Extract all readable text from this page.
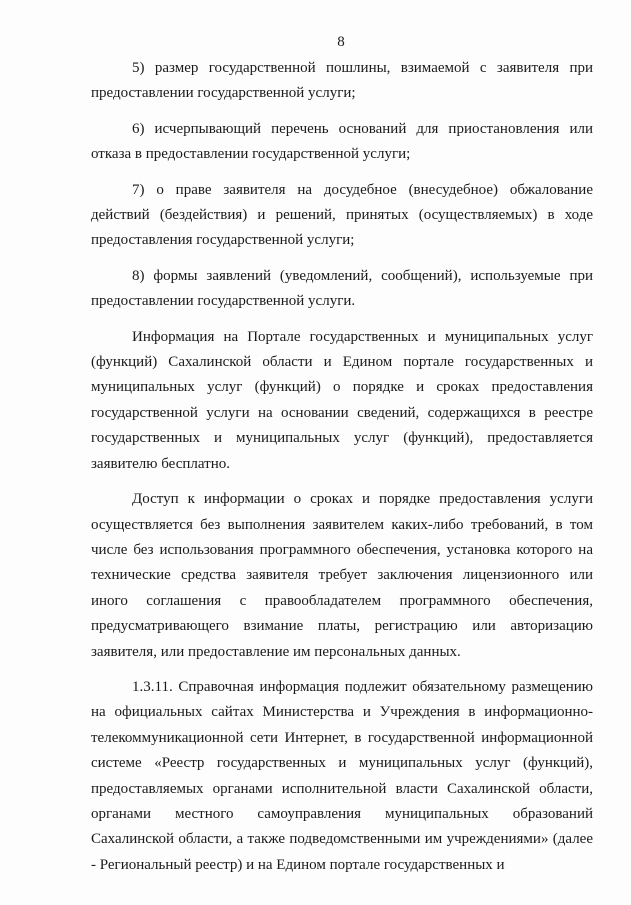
8

5) размер государственной пошлины, взимаемой с заявителя при предоставлении государственной услуги;

6) исчерпывающий перечень оснований для приостановления или отказа в предоставлении государственной услуги;

7) о праве заявителя на досудебное (внесудебное) обжалование действий (бездействия) и решений, принятых (осуществляемых) в ходе предоставления государственной услуги;

8) формы заявлений (уведомлений, сообщений), используемые при предоставлении государственной услуги.

Информация на Портале государственных и муниципальных услуг (функций) Сахалинской области и Едином портале государственных и муниципальных услуг (функций) о порядке и сроках предоставления государственной услуги на основании сведений, содержащихся в реестре государственных и муниципальных услуг (функций), предоставляется заявителю бесплатно.

Доступ к информации о сроках и порядке предоставления услуги осуществляется без выполнения заявителем каких-либо требований, в том числе без использования программного обеспечения, установка которого на технические средства заявителя требует заключения лицензионного или иного соглашения с правообладателем программного обеспечения, предусматривающего взимание платы, регистрацию или авторизацию заявителя, или предоставление им персональных данных.

1.3.11. Справочная информация подлежит обязательному размещению на официальных сайтах Министерства и Учреждения в информационно-телекоммуникационной сети Интернет, в государственной информационной системе «Реестр государственных и муниципальных услуг (функций), предоставляемых органами исполнительной власти Сахалинской области, органами местного самоуправления муниципальных образований Сахалинской области, а также подведомственными им учреждениями» (далее - Региональный реестр) и на Едином портале государственных и
